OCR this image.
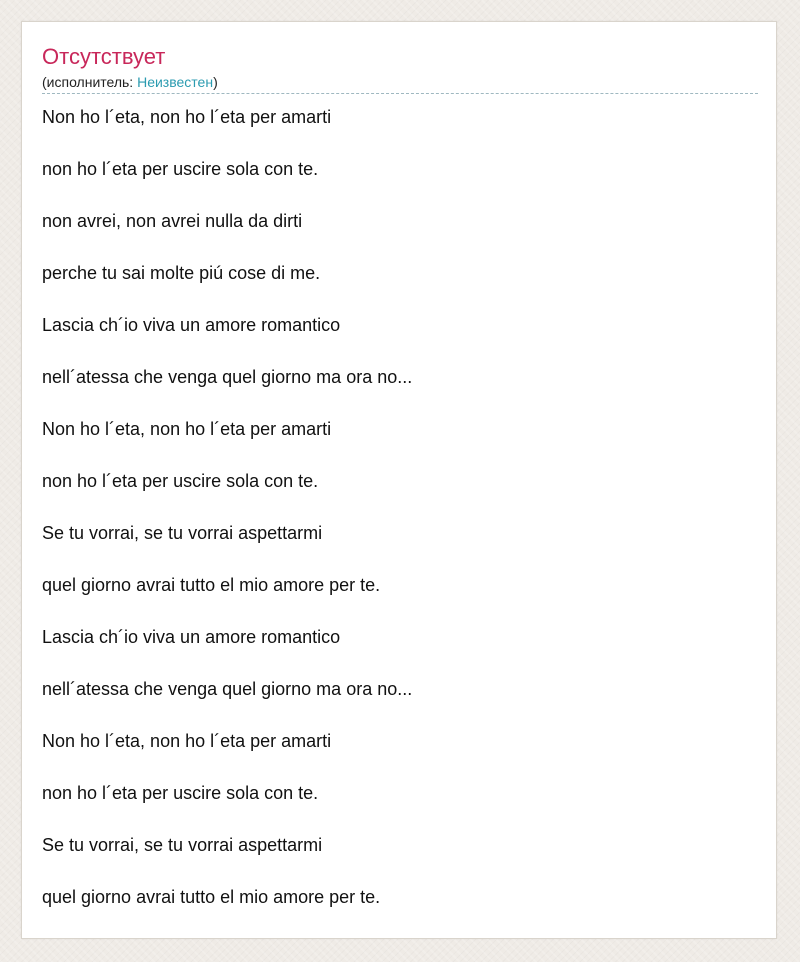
Отсутствует
(исполнитель: Неизвестен)
Non ho l´eta, non ho l´eta per amarti
non ho l´eta per uscire sola con te.
non avrei, non avrei nulla da dirti
perche tu sai molte piú cose di me.
Lascia ch´io viva un amore romantico
nell´atessa che venga quel giorno ma ora no...
Non ho l´eta, non ho l´eta per amarti
non ho l´eta per uscire sola con te.
Se tu vorrai, se tu vorrai aspettarmi
quel giorno avrai tutto el mio amore per te.
Lascia ch´io viva un amore romantico
nell´atessa che venga quel giorno ma ora no...
Non ho l´eta, non ho l´eta per amarti
non ho l´eta per uscire sola con te.
Se tu vorrai, se tu vorrai aspettarmi
quel giorno avrai tutto el mio amore per te.
